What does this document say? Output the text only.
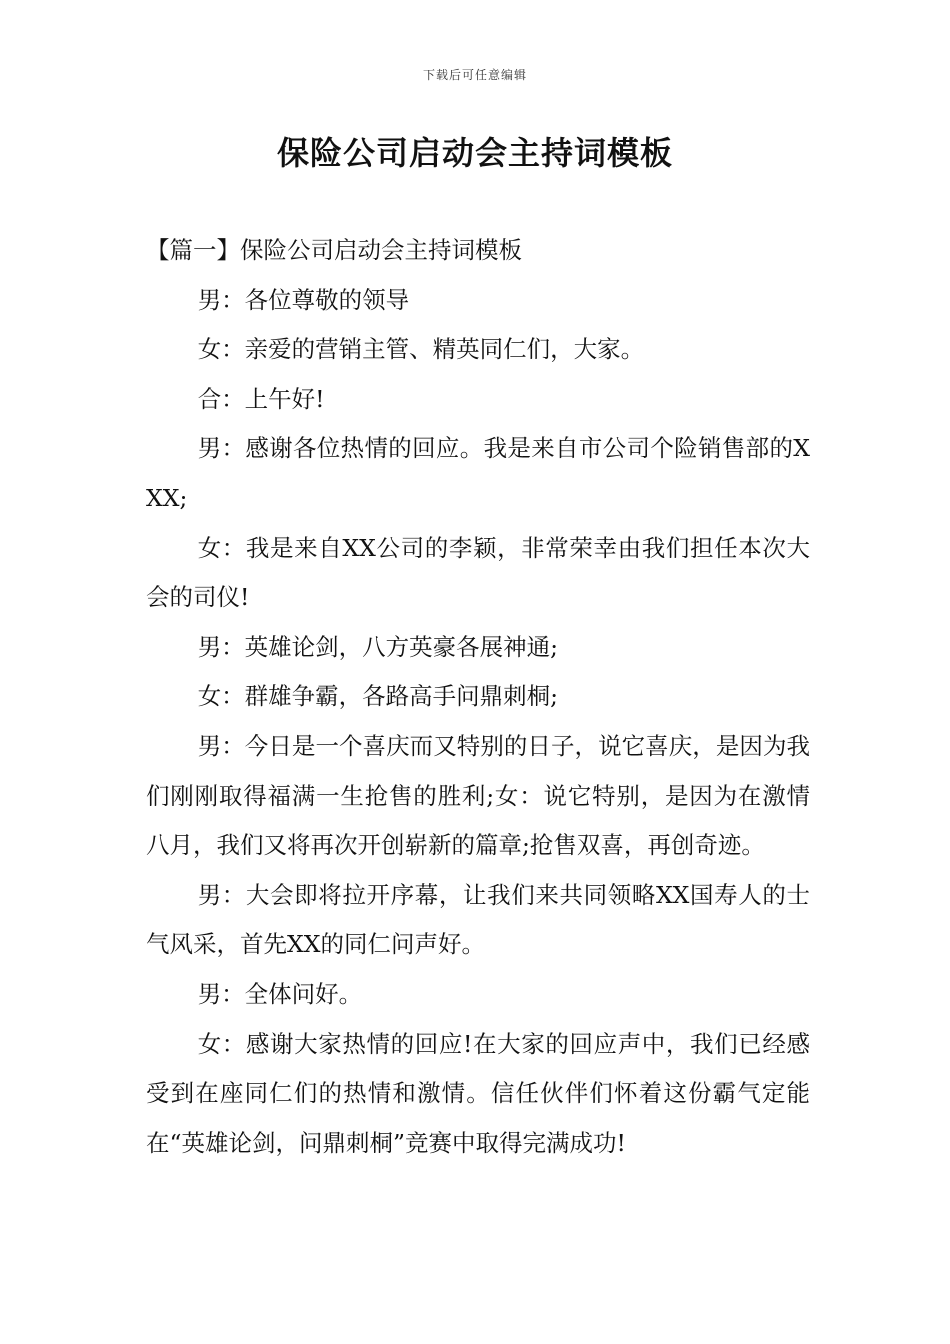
下载后可任意编辑
保险公司启动会主持词模板

【篇一】保险公司启动会主持词模板

男：各位尊敬的领导

女：亲爱的营销主管、精英同仁们，大家。

合：上午好!

男：感谢各位热情的回应。我是来自市公司个险销售部的XXX;

女：我是来自XX公司的李颖，非常荣幸由我们担任本次大会的司仪!

男：英雄论剑，八方英豪各展神通;

女：群雄争霸，各路高手问鼎刺桐;

男：今日是一个喜庆而又特别的日子，说它喜庆，是因为我们刚刚取得福满一生抢售的胜利;女：说它特别，是因为在激情八月，我们又将再次开创崭新的篇章;抢售双喜，再创奇迹。

男：大会即将拉开序幕，让我们来共同领略XX国寿人的士气风采，首先XX的同仁问声好。

男：全体问好。

女：感谢大家热情的回应!在大家的回应声中，我们已经感受到在座同仁们的热情和激情。信任伙伴们怀着这份霸气定能在“英雄论剑，问鼎刺桐”竞赛中取得完满成功!
